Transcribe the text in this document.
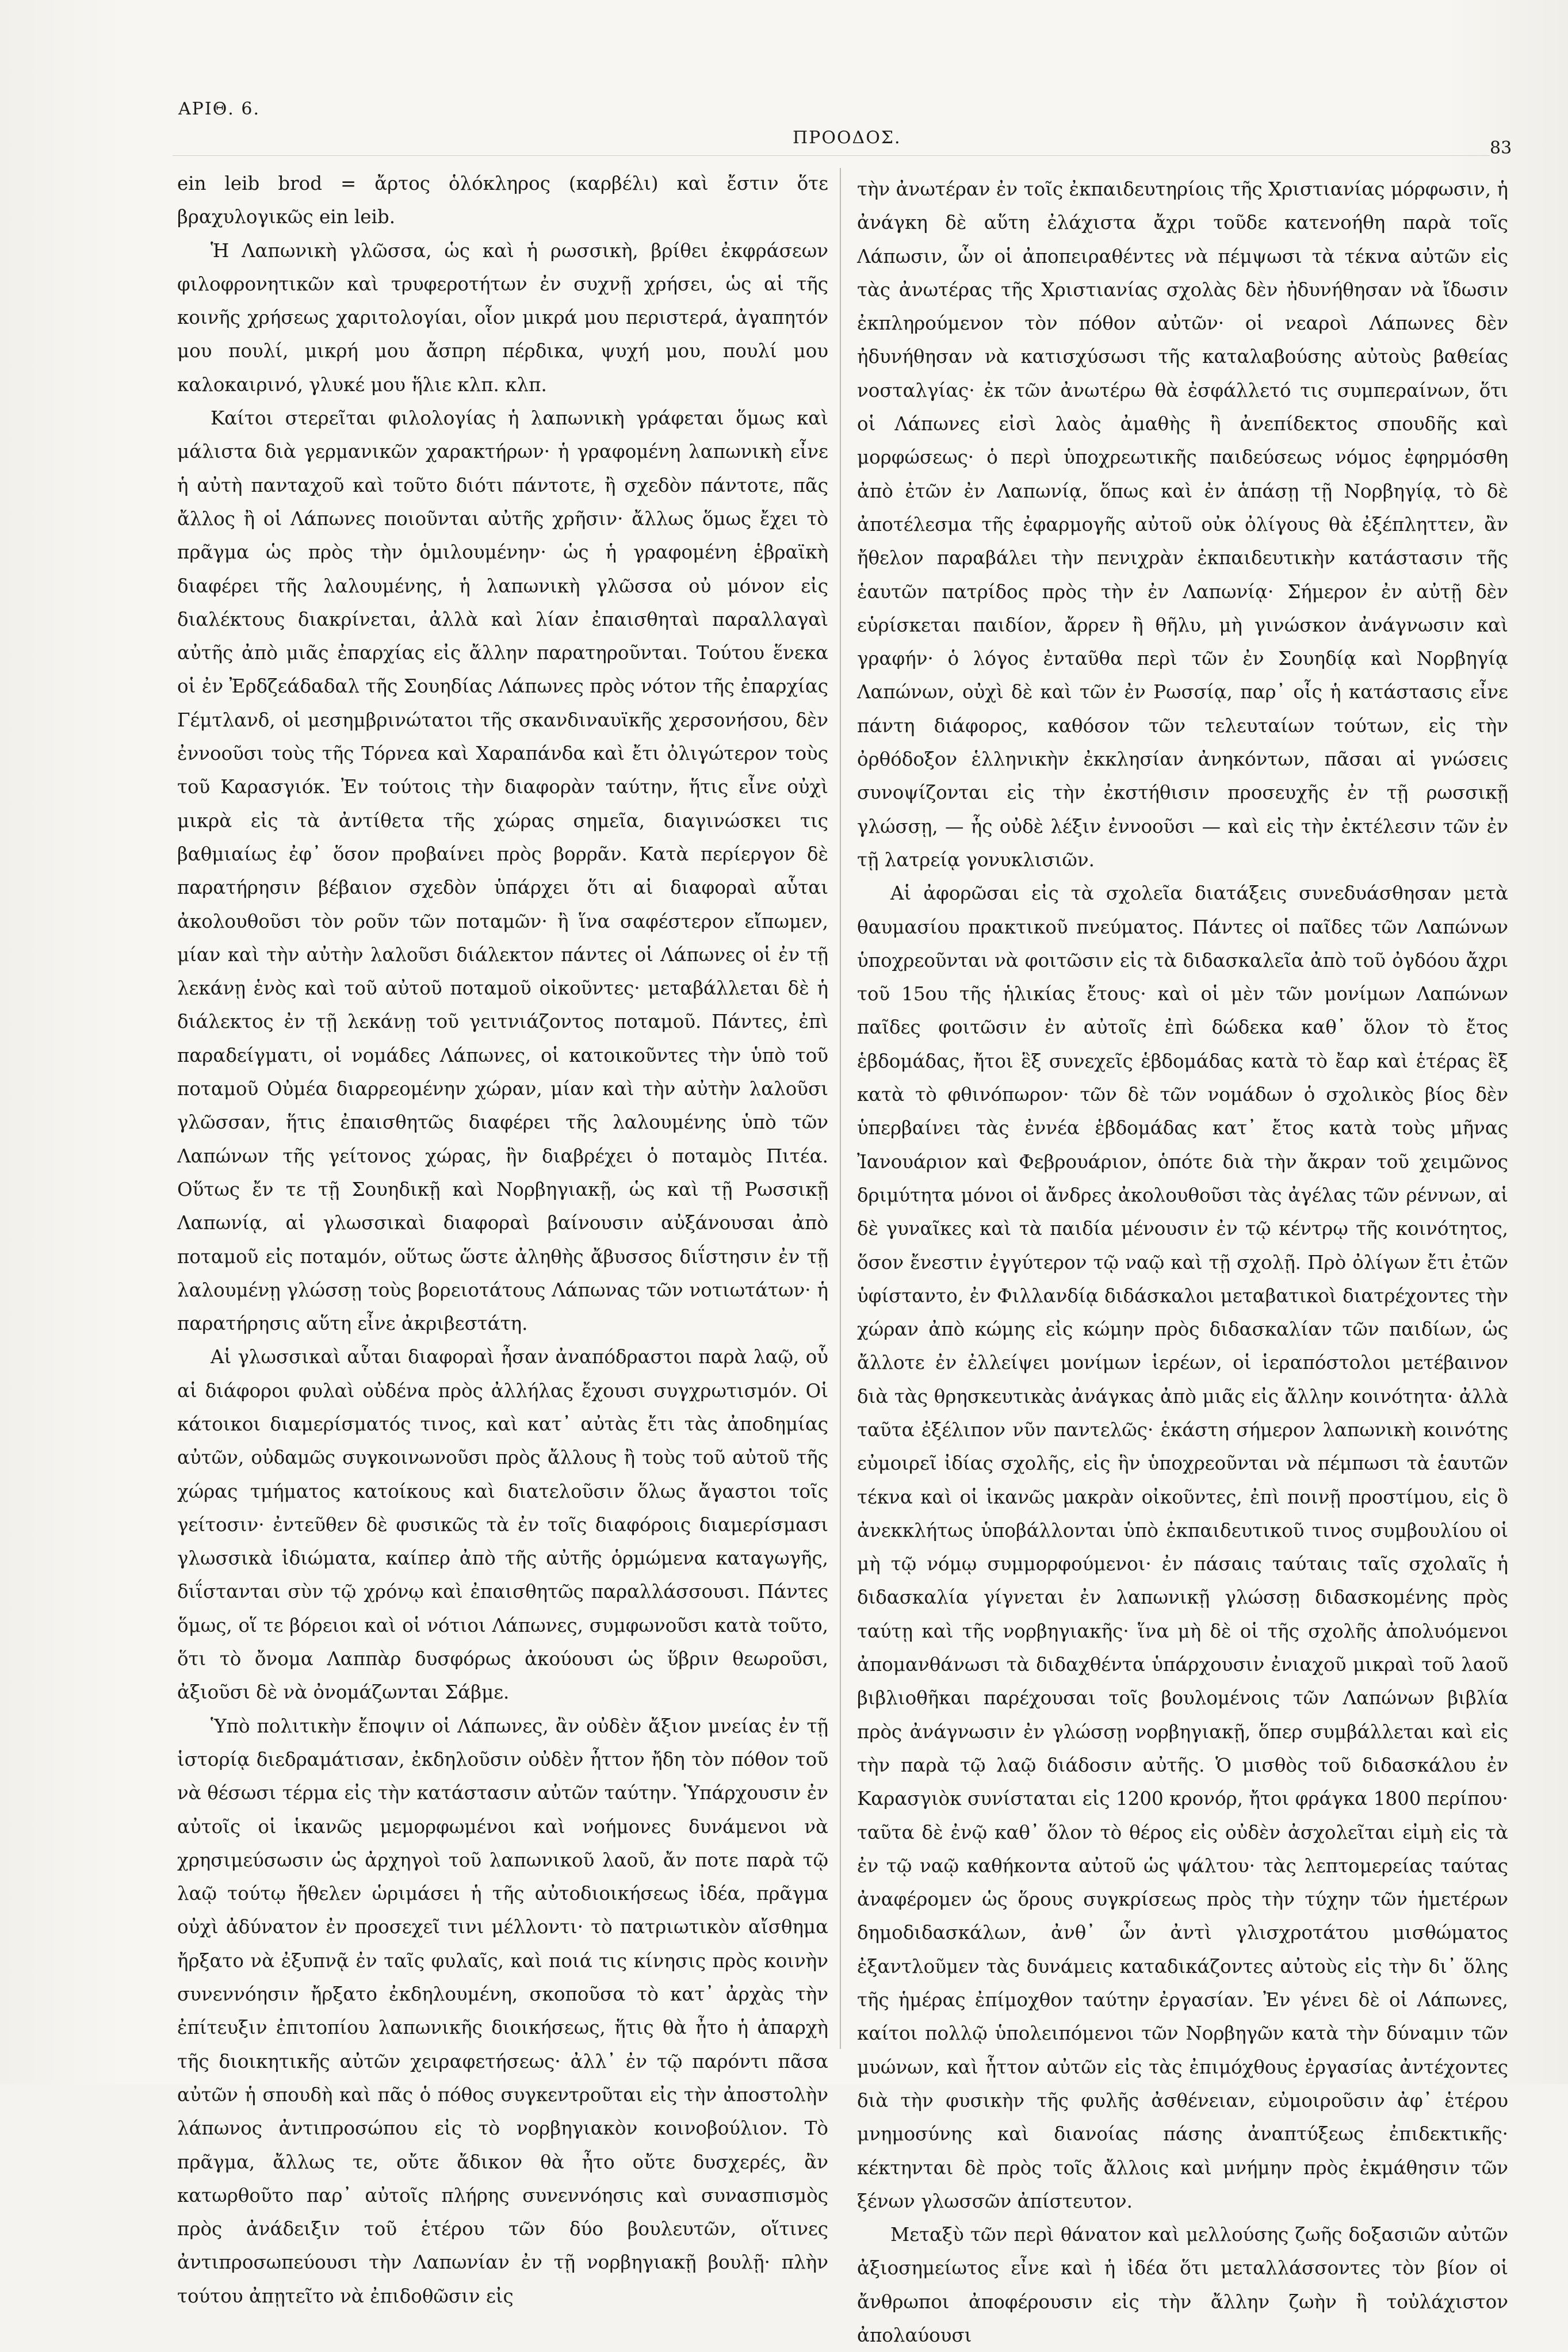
ΑΡΙΘ. 6.
ΠΡΟΟΔΟΣ.
83

ein leib brod = ἄρτος ὁλόκληρος (καρβέλι) καὶ ἔστιν ὅτε βραχυλογικῶς ein leib.

Ἡ Λαπωνικὴ γλῶσσα, ὡς καὶ ἡ ρωσσικὴ, βρίθει ἐκφράσεων φιλοφρονητικῶν καὶ τρυφεροτήτων ἐν συχνῇ χρήσει, ὡς αἱ τῆς κοινῆς χρήσεως χαριτολογίαι, οἷον μικρά μου περιστερά, ἀγαπητόν μου πουλί, μικρή μου ἄσπρη πέρδικα, ψυχή μου, πουλί μου καλοκαιρινό, γλυκέ μου ἥλιε κλπ. κλπ.

Καίτοι στερεῖται φιλολογίας ἡ λαπωνικὴ γράφεται ὅμως καὶ μάλιστα διὰ γερμανικῶν χαρακτήρων· ἡ γραφομένη λαπωνικὴ εἶνε ἡ αὐτὴ πανταχοῦ καὶ τοῦτο διότι πάντοτε, ἢ σχεδὸν πάντοτε, πᾶς ἄλλος ἢ οἱ Λάπωνες ποιοῦνται αὐτῆς χρῆσιν· ἄλλως ὅμως ἔχει τὸ πρᾶγμα ὡς πρὸς τὴν ὁμιλουμένην· ὡς ἡ γραφομένη ἑβραϊκὴ διαφέρει τῆς λαλουμένης, ἡ λαπωνικὴ γλῶσσα οὐ μόνον εἰς διαλέκτους διακρίνεται, ἀλλὰ καὶ λίαν ἐπαισθηταὶ παραλλαγαὶ αὐτῆς ἀπὸ μιᾶς ἐπαρχίας εἰς ἄλλην παρατηροῦνται. Τούτου ἕνεκα οἱ ἐν Ἐρδζεάδαδαλ τῆς Σουηδίας Λάπωνες πρὸς νότον τῆς ἐπαρχίας Γέμτλανδ, οἱ μεσημβρινώτατοι τῆς σκανδιναυϊκῆς χερσονήσου, δὲν ἐννοοῦσι τοὺς τῆς Τόρνεα καὶ Χαραπάνδα καὶ ἔτι ὀλιγώτερον τοὺς τοῦ Καρασγιόκ. Ἐν τούτοις τὴν διαφορὰν ταύτην, ἥτις εἶνε οὐχὶ μικρὰ εἰς τὰ ἀντίθετα τῆς χώρας σημεῖα, διαγινώσκει τις βαθμιαίως ἐφ᾽ ὅσον προβαίνει πρὸς βορρᾶν. Κατὰ περίεργον δὲ παρατήρησιν βέβαιον σχεδὸν ὑπάρχει ὅτι αἱ διαφοραὶ αὗται ἀκολουθοῦσι τὸν ροῦν τῶν ποταμῶν· ἢ ἵνα σαφέστερον εἴπωμεν, μίαν καὶ τὴν αὐτὴν λαλοῦσι διάλεκτον πάντες οἱ Λάπωνες οἱ ἐν τῇ λεκάνῃ ἑνὸς καὶ τοῦ αὐτοῦ ποταμοῦ οἰκοῦντες· μεταβάλλεται δὲ ἡ διάλεκτος ἐν τῇ λεκάνῃ τοῦ γειτνιάζοντος ποταμοῦ. Πάντες, ἐπὶ παραδείγματι, οἱ νομάδες Λάπωνες, οἱ κατοικοῦντες τὴν ὑπὸ τοῦ ποταμοῦ Οὐμέα διαρρεομένην χώραν, μίαν καὶ τὴν αὐτὴν λαλοῦσι γλῶσσαν, ἥτις ἐπαισθητῶς διαφέρει τῆς λαλουμένης ὑπὸ τῶν Λαπώνων τῆς γείτονος χώρας, ἣν διαβρέχει ὁ ποταμὸς Πιτέα. Οὕτως ἔν τε τῇ Σουηδικῇ καὶ Νορβηγιακῇ, ὡς καὶ τῇ Ρωσσικῇ Λαπωνίᾳ, αἱ γλωσσικαὶ διαφοραὶ βαίνουσιν αὐξάνουσαι ἀπὸ ποταμοῦ εἰς ποταμόν, οὕτως ὥστε ἀληθὴς ἄβυσσος διΐστησιν ἐν τῇ λαλουμένῃ γλώσσῃ τοὺς βορειοτάτους Λάπωνας τῶν νοτιωτάτων· ἡ παρατήρησις αὕτη εἶνε ἀκριβεστάτη.

Αἱ γλωσσικαὶ αὗται διαφοραὶ ἦσαν ἀναπόδραστοι παρὰ λαῷ, οὗ αἱ διάφοροι φυλαὶ οὐδένα πρὸς ἀλλήλας ἔχουσι συγχρωτισμόν. Οἱ κάτοικοι διαμερίσματός τινος, καὶ κατ᾽ αὐτὰς ἔτι τὰς ἀποδημίας αὐτῶν, οὐδαμῶς συγκοινωνοῦσι πρὸς ἄλλους ἢ τοὺς τοῦ αὐτοῦ τῆς χώρας τμήματος κατοίκους καὶ διατελοῦσιν ὅλως ἄγαστοι τοῖς γείτοσιν· ἐντεῦθεν δὲ φυσικῶς τὰ ἐν τοῖς διαφόροις διαμερίσμασι γλωσσικὰ ἰδιώματα, καίπερ ἀπὸ τῆς αὐτῆς ὁρμώμενα καταγωγῆς, διΐστανται σὺν τῷ χρόνῳ καὶ ἐπαισθητῶς παραλλάσσουσι. Πάντες ὅμως, οἵ τε βόρειοι καὶ οἱ νότιοι Λάπωνες, συμφωνοῦσι κατὰ τοῦτο, ὅτι τὸ ὄνομα Λαππὰρ δυσφόρως ἀκούουσι ὡς ὕβριν θεωροῦσι, ἀξιοῦσι δὲ νὰ ὀνομάζωνται Σάβμε.

Ὑπὸ πολιτικὴν ἔποψιν οἱ Λάπωνες, ἂν οὐδὲν ἄξιον μνείας ἐν τῇ ἱστορίᾳ διεδραμάτισαν, ἐκδηλοῦσιν οὐδὲν ἧττον ἤδη τὸν πόθον τοῦ νὰ θέσωσι τέρμα εἰς τὴν κατάστασιν αὐτῶν ταύτην. Ὑπάρχουσιν ἐν αὐτοῖς οἱ ἱκανῶς μεμορφωμένοι καὶ νοήμονες δυνάμενοι νὰ χρησιμεύσωσιν ὡς ἀρχηγοὶ τοῦ λαπωνικοῦ λαοῦ, ἄν ποτε παρὰ τῷ λαῷ τούτῳ ἤθελεν ὡριμάσει ἡ τῆς αὐτοδιοικήσεως ἰδέα, πρᾶγμα οὐχὶ ἀδύνατον ἐν προσεχεῖ τινι μέλλοντι· τὸ πατριωτικὸν αἴσθημα ἤρξατο νὰ ἐξυπνᾷ ἐν ταῖς φυλαῖς, καὶ ποιά τις κίνησις πρὸς κοινὴν συνεννόησιν ἤρξατο ἐκδηλουμένη, σκοποῦσα τὸ κατ᾽ ἀρχὰς τὴν ἐπίτευξιν ἐπιτοπίου λαπωνικῆς διοικήσεως, ἥτις θὰ ἦτο ἡ ἀπαρχὴ τῆς διοικητικῆς αὐτῶν χειραφετήσεως· ἀλλ᾽ ἐν τῷ παρόντι πᾶσα αὐτῶν ἡ σπουδὴ καὶ πᾶς ὁ πόθος συγκεντροῦται εἰς τὴν ἀποστολὴν λάπωνος ἀντιπροσώπου εἰς τὸ νορβηγιακὸν κοινοβούλιον. Τὸ πρᾶγμα, ἄλλως τε, οὔτε ἄδικον θὰ ἦτο οὔτε δυσχερές, ἂν κατωρθοῦτο παρ᾽ αὐτοῖς πλήρης συνεννόησις καὶ συνασπισμὸς πρὸς ἀνάδειξιν τοῦ ἑτέρου τῶν δύο βουλευτῶν, οἵτινες ἀντιπροσωπεύουσι τὴν Λαπωνίαν ἐν τῇ νορβηγιακῇ βουλῇ· πλὴν τούτου ἀπῃτεῖτο νὰ ἐπιδοθῶσιν εἰς

τὴν ἀνωτέραν ἐν τοῖς ἐκπαιδευτηρίοις τῆς Χριστιανίας μόρφωσιν, ἡ ἀνάγκη δὲ αὕτη ἐλάχιστα ἄχρι τοῦδε κατενοήθη παρὰ τοῖς Λάπωσιν, ὧν οἱ ἀποπειραθέντες νὰ πέμψωσι τὰ τέκνα αὐτῶν εἰς τὰς ἀνωτέρας τῆς Χριστιανίας σχολὰς δὲν ἠδυνήθησαν νὰ ἴδωσιν ἐκπληρούμενον τὸν πόθον αὐτῶν· οἱ νεαροὶ Λάπωνες δὲν ἠδυνήθησαν νὰ κατισχύσωσι τῆς καταλαβούσης αὐτοὺς βαθείας νοσταλγίας· ἐκ τῶν ἀνωτέρω θὰ ἐσφάλλετό τις συμπεραίνων, ὅτι οἱ Λάπωνες εἰσὶ λαὸς ἀμαθὴς ἢ ἀνεπίδεκτος σπουδῆς καὶ μορφώσεως· ὁ περὶ ὑποχρεωτικῆς παιδεύσεως νόμος ἐφηρμόσθη ἀπὸ ἐτῶν ἐν Λαπωνίᾳ, ὅπως καὶ ἐν ἁπάσῃ τῇ Νορβηγίᾳ, τὸ δὲ ἀποτέλεσμα τῆς ἐφαρμογῆς αὐτοῦ οὐκ ὀλίγους θὰ ἐξέπληττεν, ἂν ἤθελον παραβάλει τὴν πενιχρὰν ἐκπαιδευτικὴν κατάστασιν τῆς ἑαυτῶν πατρίδος πρὸς τὴν ἐν Λαπωνίᾳ· Σήμερον ἐν αὐτῇ δὲν εὑρίσκεται παιδίον, ἄρρεν ἢ θῆλυ, μὴ γινώσκον ἀνάγνωσιν καὶ γραφήν· ὁ λόγος ἐνταῦθα περὶ τῶν ἐν Σουηδίᾳ καὶ Νορβηγίᾳ Λαπώνων, οὐχὶ δὲ καὶ τῶν ἐν Ρωσσίᾳ, παρ᾽ οἷς ἡ κατάστασις εἶνε πάντη διάφορος, καθόσον τῶν τελευταίων τούτων, εἰς τὴν ὀρθόδοξον ἑλληνικὴν ἐκκλησίαν ἀνηκόντων, πᾶσαι αἱ γνώσεις συνοψίζονται εἰς τὴν ἐκστήθισιν προσευχῆς ἐν τῇ ρωσσικῇ γλώσσῃ, — ἧς οὐδὲ λέξιν ἐννοοῦσι — καὶ εἰς τὴν ἐκτέλεσιν τῶν ἐν τῇ λατρείᾳ γονυκλισιῶν.

Αἱ ἀφορῶσαι εἰς τὰ σχολεῖα διατάξεις συνεδυάσθησαν μετὰ θαυμασίου πρακτικοῦ πνεύματος. Πάντες οἱ παῖδες τῶν Λαπώνων ὑποχρεοῦνται νὰ φοιτῶσιν εἰς τὰ διδασκαλεῖα ἀπὸ τοῦ ὀγδόου ἄχρι τοῦ 15ου τῆς ἡλικίας ἔτους· καὶ οἱ μὲν τῶν μονίμων Λαπώνων παῖδες φοιτῶσιν ἐν αὐτοῖς ἐπὶ δώδεκα καθ᾽ ὅλον τὸ ἔτος ἑβδομάδας, ἤτοι ἓξ συνεχεῖς ἑβδομάδας κατὰ τὸ ἔαρ καὶ ἑτέρας ἓξ κατὰ τὸ φθινόπωρον· τῶν δὲ τῶν νομάδων ὁ σχολικὸς βίος δὲν ὑπερβαίνει τὰς ἐννέα ἑβδομάδας κατ᾽ ἔτος κατὰ τοὺς μῆνας Ἰανουάριον καὶ Φεβρουάριον, ὁπότε διὰ τὴν ἄκραν τοῦ χειμῶνος δριμύτητα μόνοι οἱ ἄνδρες ἀκολουθοῦσι τὰς ἀγέλας τῶν ρέννων, αἱ δὲ γυναῖκες καὶ τὰ παιδία μένουσιν ἐν τῷ κέντρῳ τῆς κοινότητος, ὅσον ἔνεστιν ἐγγύτερον τῷ ναῷ καὶ τῇ σχολῇ. Πρὸ ὀλίγων ἔτι ἐτῶν ὑφίσταντο, ἐν Φιλλανδίᾳ διδάσκαλοι μεταβατικοὶ διατρέχοντες τὴν χώραν ἀπὸ κώμης εἰς κώμην πρὸς διδασκαλίαν τῶν παιδίων, ὡς ἄλλοτε ἐν ἐλλείψει μονίμων ἱερέων, οἱ ἱεραπόστολοι μετέβαινον διὰ τὰς θρησκευτικὰς ἀνάγκας ἀπὸ μιᾶς εἰς ἄλλην κοινότητα· ἀλλὰ ταῦτα ἐξέλιπον νῦν παντελῶς· ἑκάστη σήμερον λαπωνικὴ κοινότης εὐμοιρεῖ ἰδίας σχολῆς, εἰς ἣν ὑποχρεοῦνται νὰ πέμπωσι τὰ ἑαυτῶν τέκνα καὶ οἱ ἱκανῶς μακρὰν οἰκοῦντες, ἐπὶ ποινῇ προστίμου, εἰς ὃ ἀνεκκλήτως ὑποβάλλονται ὑπὸ ἐκπαιδευτικοῦ τινος συμβουλίου οἱ μὴ τῷ νόμῳ συμμορφούμενοι· ἐν πάσαις ταύταις ταῖς σχολαῖς ἡ διδασκαλία γίγνεται ἐν λαπωνικῇ γλώσσῃ διδασκομένης πρὸς ταύτῃ καὶ τῆς νορβηγιακῆς· ἵνα μὴ δὲ οἱ τῆς σχολῆς ἀπολυόμενοι ἀπομανθάνωσι τὰ διδαχθέντα ὑπάρχουσιν ἐνιαχοῦ μικραὶ τοῦ λαοῦ βιβλιοθῆκαι παρέχουσαι τοῖς βουλομένοις τῶν Λαπώνων βιβλία πρὸς ἀνάγνωσιν ἐν γλώσσῃ νορβηγιακῇ, ὅπερ συμβάλλεται καὶ εἰς τὴν παρὰ τῷ λαῷ διάδοσιν αὐτῆς. Ὁ μισθὸς τοῦ διδασκάλου ἐν Καρασγιὸκ συνίσταται εἰς 1200 κρονόρ, ἤτοι φράγκα 1800 περίπου· ταῦτα δὲ ἐνῷ καθ᾽ ὅλον τὸ θέρος εἰς οὐδὲν ἀσχολεῖται εἰμὴ εἰς τὰ ἐν τῷ ναῷ καθήκοντα αὐτοῦ ὡς ψάλτου· τὰς λεπτομερείας ταύτας ἀναφέρομεν ὡς ὅρους συγκρίσεως πρὸς τὴν τύχην τῶν ἡμετέρων δημοδιδασκάλων, ἀνθ᾽ ὧν ἀντὶ γλισχροτάτου μισθώματος ἐξαντλοῦμεν τὰς δυνάμεις καταδικάζοντες αὐτοὺς εἰς τὴν δι᾽ ὅλης τῆς ἡμέρας ἐπίμοχθον ταύτην ἐργασίαν. Ἐν γένει δὲ οἱ Λάπωνες, καίτοι πολλῷ ὑπολειπόμενοι τῶν Νορβηγῶν κατὰ τὴν δύναμιν τῶν μυώνων, καὶ ἧττον αὐτῶν εἰς τὰς ἐπιμόχθους ἐργασίας ἀντέχοντες διὰ τὴν φυσικὴν τῆς φυλῆς ἀσθένειαν, εὐμοιροῦσιν ἀφ᾽ ἑτέρου μνημοσύνης καὶ διανοίας πάσης ἀναπτύξεως ἐπιδεκτικῆς· κέκτηνται δὲ πρὸς τοῖς ἄλλοις καὶ μνήμην πρὸς ἐκμάθησιν τῶν ξένων γλωσσῶν ἀπίστευτον.

Μεταξὺ τῶν περὶ θάνατον καὶ μελλούσης ζωῆς δοξασιῶν αὐτῶν ἀξιοσημείωτος εἶνε καὶ ἡ ἰδέα ὅτι μεταλλάσσοντες τὸν βίον οἱ ἄνθρωποι ἀποφέρουσιν εἰς τὴν ἄλλην ζωὴν ἢ τοὐλάχιστον ἀπολαύουσι
